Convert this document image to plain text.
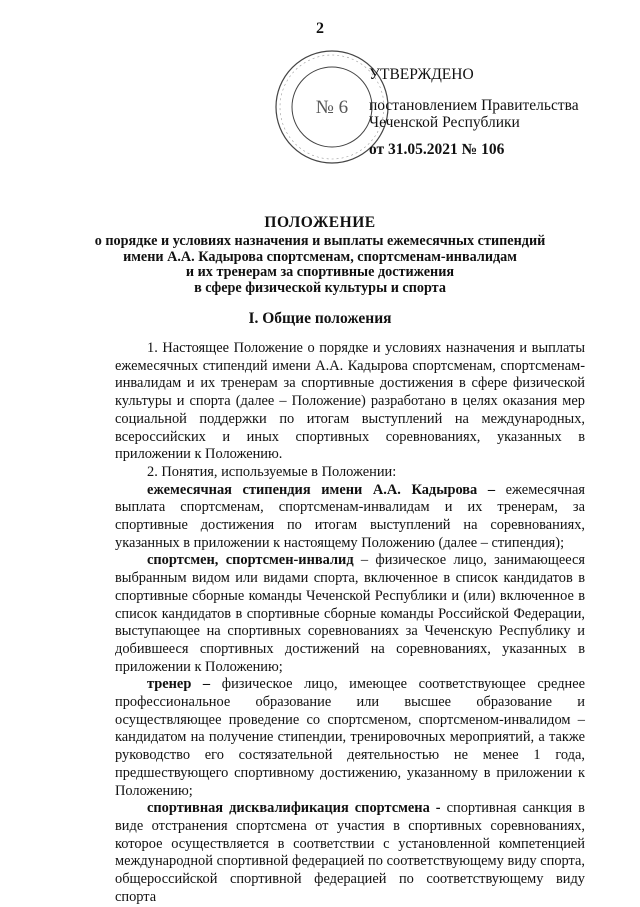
2
№ 6
УТВЕРЖДЕНО
постановлением Правительства
Чеченской Республики
от 31.05.2021 № 106
ПОЛОЖЕНИЕ
о порядке и условиях назначения и выплаты ежемесячных стипендий
имени А.А. Кадырова спортсменам, спортсменам-инвалидам
и их тренерам за спортивные достижения
в сфере физической культуры и спорта
I. Общие положения

1. Настоящее Положение о порядке и условиях назначения и выплаты ежемесячных стипендий имени А.А. Кадырова спортсменам, спортсменам-инвалидам и их тренерам за спортивные достижения в сфере физической культуры и спорта (далее – Положение) разработано в целях оказания мер социальной поддержки по итогам выступлений на международных, всероссийских и иных спортивных соревнованиях, указанных в приложении к Положению.

2. Понятия, используемые в Положении:

ежемесячная стипендия имени А.А. Кадырова – ежемесячная выплата спортсменам, спортсменам-инвалидам и их тренерам, за спортивные достижения по итогам выступлений на соревнованиях, указанных в приложении к настоящему Положению (далее – стипендия);

спортсмен, спортсмен-инвалид – физическое лицо, занимающееся выбранным видом или видами спорта, включенное в список кандидатов в спортивные сборные команды Чеченской Республики и (или) включенное в список кандидатов в спортивные сборные команды Российской Федерации, выступающее на спортивных соревнованиях за Чеченскую Республику и добившееся спортивных достижений на соревнованиях, указанных в приложении к Положению;

тренер – физическое лицо, имеющее соответствующее среднее профессиональное образование или высшее образование и осуществляющее проведение со спортсменом, спортсменом-инвалидом – кандидатом на получение стипендии, тренировочных мероприятий, а также руководство его состязательной деятельностью не менее 1 года, предшествующего спортивному достижению, указанному в приложении к Положению;

спортивная дисквалификация спортсмена - спортивная санкция в виде отстранения спортсмена от участия в спортивных соревнованиях, которое осуществляется в соответствии с установленной компетенцией международной спортивной федерацией по соответствующему виду спорта, общероссийской спортивной федерацией по соответствующему виду спорта
